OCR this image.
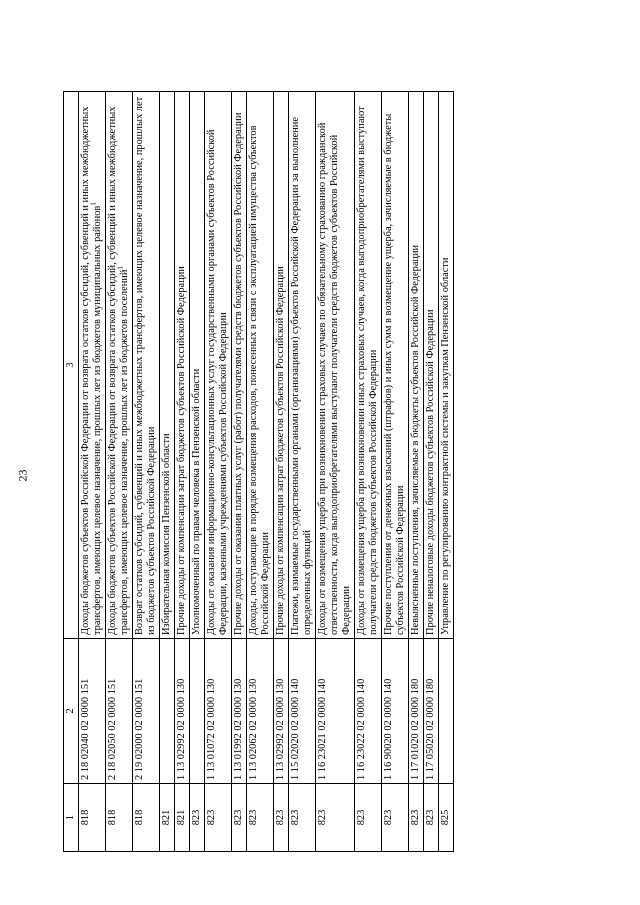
23
1	2	3
818	2 18 02040 02 0000 151	Доходы бюджетов субъектов Российской Федерации от возврата остатков субсидий, субвенций и иных межбюджетных трансфертов, имеющих целевое назначение, прошлых лет из бюджетов муниципальных районов$^1$
818	2 18 02050 02 0000 151	Доходы бюджетов субъектов Российской Федерации от возврата остатков субсидий, субвенций и иных межбюджетных трансфертов, имеющих целевое назначение, прошлых лет из бюджетов поселений$^1$
818	2 19 02000 02 0000 151	Возврат остатков субсидий, субвенций и иных межбюджетных трансфертов, имеющих целевое назначение, прошлых лет из бюджетов субъектов Российской Федерации
821		Избирательная комиссия Пензенской области
821	1 13 02992 02 0000 130	Прочие доходы от компенсации затрат бюджетов субъектов Российской Федерации
823		Уполномоченный по правам человека в Пензенской области
823	1 13 01072 02 0000 130	Доходы от оказания информационно-консультационных услуг государственными органами субъектов Российской Федерации, казенными учреждениями субъектов Российской Федерации
823	1 13 01992 02 0000 130	Прочие доходы от оказания платных услуг (работ) получателями средств бюджетов субъектов Российской Федерации
823	1 13 02062 02 0000 130	Доходы, поступающие в порядке возмещения расходов, понесенных в связи с эксплуатацией имущества субъектов Российской Федерации
823	1 13 02992 02 0000 130	Прочие доходы от компенсации затрат бюджетов субъектов Российской Федерации
823	1 15 02020 02 0000 140	Платежи, взимаемые государственными органами (организациями) субъектов Российской Федерации за выполнение определенных функций
823	1 16 23021 02 0000 140	Доходы от возмещения ущерба при возникновении страховых случаев по обязательному страхованию гражданской ответственности, когда выгодоприобретателями выступают получатели средств бюджетов субъектов Российской Федерации
823	1 16 23022 02 0000 140	Доходы от возмещения ущерба при возникновении иных страховых случаев, когда выгодоприобретателями выступают получатели средств бюджетов субъектов Российской Федерации
823	1 16 90020 02 0000 140	Прочие поступления от денежных взысканий (штрафов) и иных сумм в возмещение ущерба, зачисляемые в бюджеты субъектов Российской Федерации
823	1 17 01020 02 0000 180	Невыясненные поступления, зачисляемые в бюджеты субъектов Российской Федерации
823	1 17 05020 02 0000 180	Прочие неналоговые доходы бюджетов субъектов Российской Федерации
825		Управление по регулированию контрактной системы и закупкам Пензенской области
